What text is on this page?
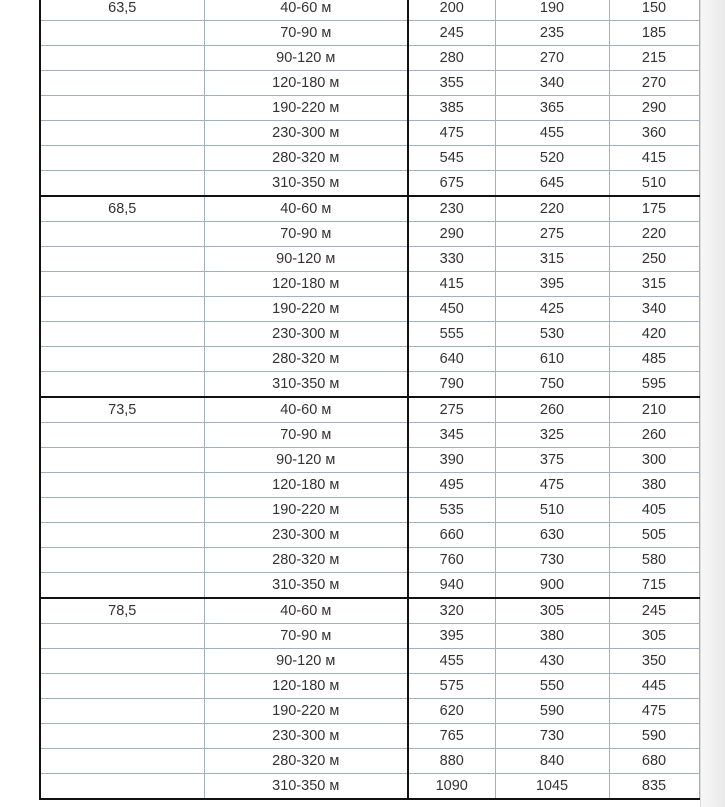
63,5	40-60 м	200	190	150
	70-90 м	245	235	185
	90-120 м	280	270	215
	120-180 м	355	340	270
	190-220 м	385	365	290
	230-300 м	475	455	360
	280-320 м	545	520	415
	310-350 м	675	645	510
68,5	40-60 м	230	220	175
	70-90 м	290	275	220
	90-120 м	330	315	250
	120-180 м	415	395	315
	190-220 м	450	425	340
	230-300 м	555	530	420
	280-320 м	640	610	485
	310-350 м	790	750	595
73,5	40-60 м	275	260	210
	70-90 м	345	325	260
	90-120 м	390	375	300
	120-180 м	495	475	380
	190-220 м	535	510	405
	230-300 м	660	630	505
	280-320 м	760	730	580
	310-350 м	940	900	715
78,5	40-60 м	320	305	245
	70-90 м	395	380	305
	90-120 м	455	430	350
	120-180 м	575	550	445
	190-220 м	620	590	475
	230-300 м	765	730	590
	280-320 м	880	840	680
	310-350 м	1090	1045	835
